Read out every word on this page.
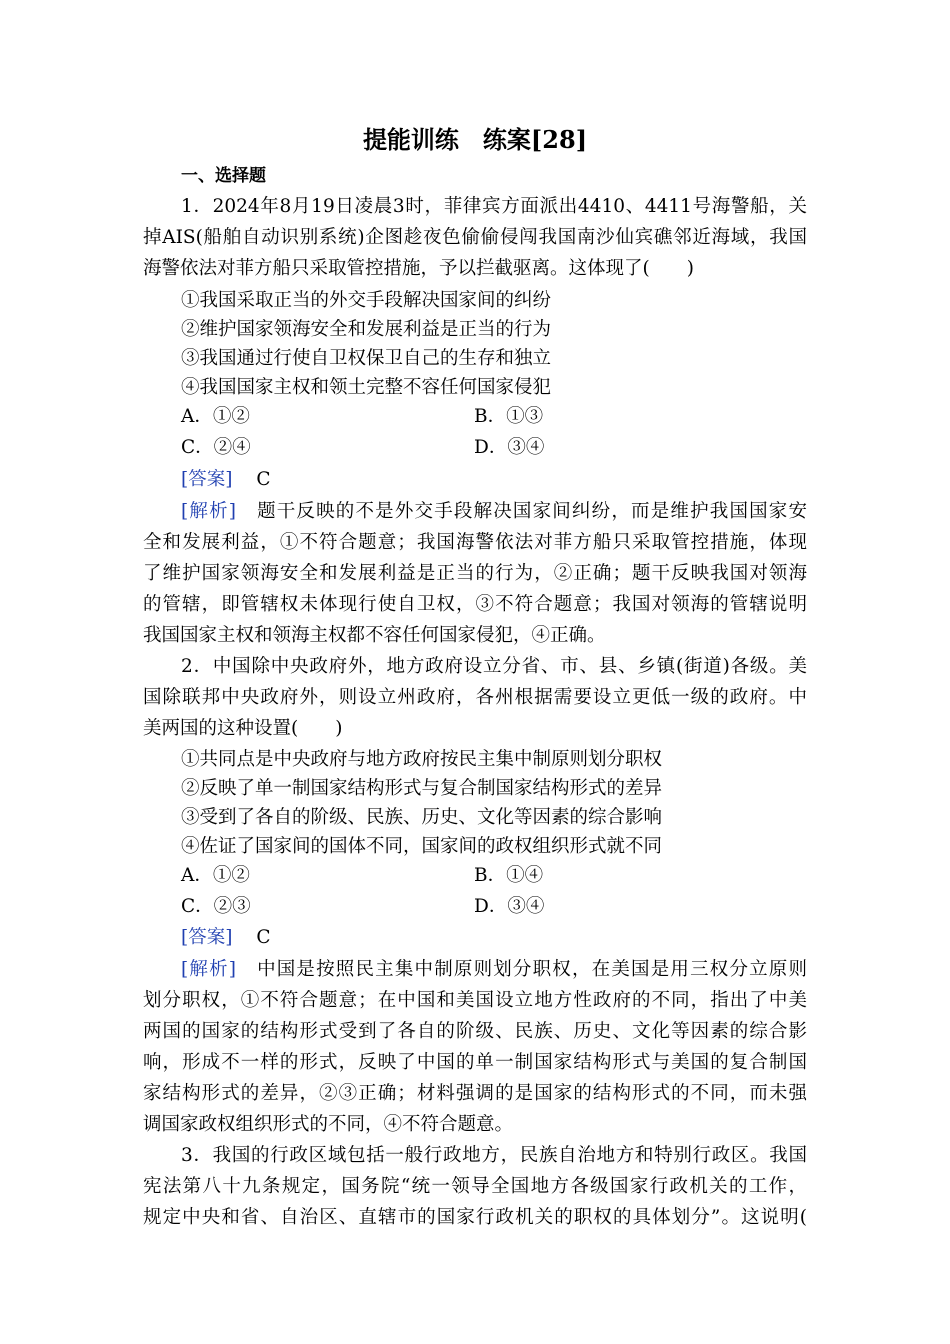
提能训练　练案[28]
一、选择题
1．2024年8月19日凌晨3时，菲律宾方面派出4410、4411号海警船，关
掉AIS(船舶自动识别系统)企图趁夜色偷偷侵闯我国南沙仙宾礁邻近海域，我国
海警依法对菲方船只采取管控措施，予以拦截驱离。这体现了(　　)
①我国采取正当的外交手段解决国家间的纠纷
②维护国家领海安全和发展利益是正当的行为
③我国通过行使自卫权保卫自己的生存和独立
④我国国家主权和领土完整不容任何国家侵犯
A．①②	B．①③
C．②④	D．③④
[答案] C
[解析] 题干反映的不是外交手段解决国家间纠纷，而是维护我国国家安
全和发展利益，①不符合题意；我国海警依法对菲方船只采取管控措施，体现
了维护国家领海安全和发展利益是正当的行为，②正确；题干反映我国对领海
的管辖，即管辖权未体现行使自卫权，③不符合题意；我国对领海的管辖说明
我国国家主权和领海主权都不容任何国家侵犯，④正确。
2．中国除中央政府外，地方政府设立分省、市、县、乡镇(街道)各级。美
国除联邦中央政府外，则设立州政府，各州根据需要设立更低一级的政府。中
美两国的这种设置(　　)
①共同点是中央政府与地方政府按民主集中制原则划分职权
②反映了单一制国家结构形式与复合制国家结构形式的差异
③受到了各自的阶级、民族、历史、文化等因素的综合影响
④佐证了国家间的国体不同，国家间的政权组织形式就不同
A．①②	B．①④
C．②③	D．③④
[答案] C
[解析] 中国是按照民主集中制原则划分职权，在美国是用三权分立原则
划分职权，①不符合题意；在中国和美国设立地方性政府的不同，指出了中美
两国的国家的结构形式受到了各自的阶级、民族、历史、文化等因素的综合影
响，形成不一样的形式，反映了中国的单一制国家结构形式与美国的复合制国
家结构形式的差异，②③正确；材料强调的是国家的结构形式的不同，而未强
调国家政权组织形式的不同，④不符合题意。
3．我国的行政区域包括一般行政地方，民族自治地方和特别行政区。我国
宪法第八十九条规定，国务院“统一领导全国地方各级国家行政机关的工作，
规定中央和省、自治区、直辖市的国家行政机关的职权的具体划分”。这说明(
